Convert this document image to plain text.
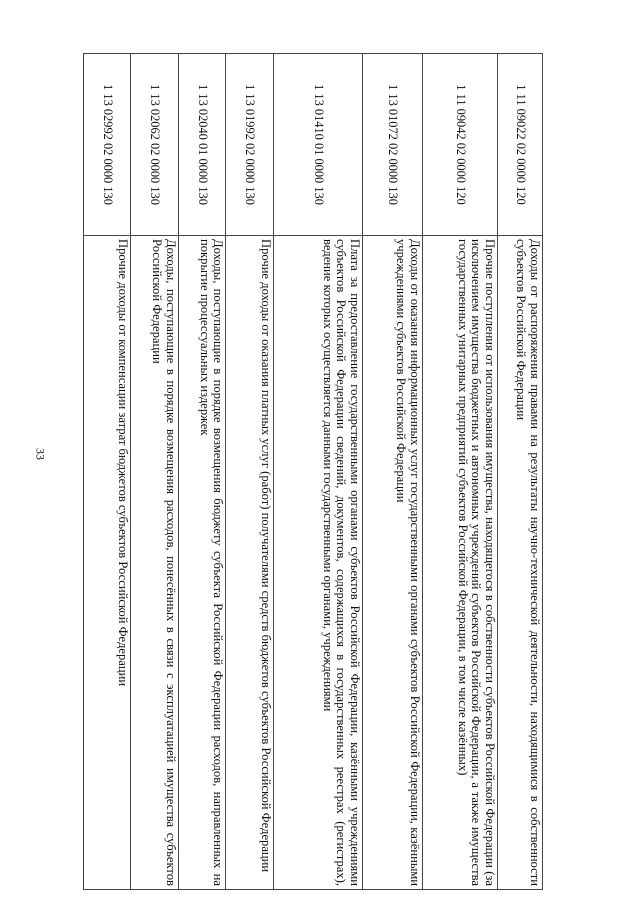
33
1 11 09022 02 0000 120	Доходы от распоряжения правами на результаты научно-технической деятельности, находящимися в собственности субъектов Российской Федерации
1 11 09042 02 0000 120	Прочие поступления от использования имущества, находящегося в собственности субъектов Российской Федерации (за исключением имущества бюджетных и автономных учреждений субъектов Российской Федерации, а также имущества государственных унитарных предприятий субъектов Российской Федерации, в том числе казённых)
1 13 01072 02 0000 130	Доходы от оказания информационных услуг государственными органами субъектов Российской Федерации, казёнными учреждениями субъектов Российской Федерации
1 13 01410 01 0000 130	Плата за предоставление государственными органами субъектов Российской Федерации, казёнными учреждениями субъектов Российской Федерации сведений, документов, содержащихся в государственных реестрах (регистрах), ведение которых осуществляется данными государственными органами, учреждениями
1 13 01992 02 0000 130	Прочие доходы от оказания платных услуг (работ) получателями средств бюджетов субъектов Российской Федерации
1 13 02040 01 0000 130	Доходы, поступающие в порядке возмещения бюджету субъекта Российской Федерации расходов, направленных на покрытие процессуальных издержек
1 13 02062 02 0000 130	Доходы, поступающие в порядке возмещения расходов, понесённых в связи с эксплуатацией имущества субъектов Российской Федерации
1 13 02992 02 0000 130	Прочие доходы от компенсации затрат бюджетов субъектов Российской Федерации
